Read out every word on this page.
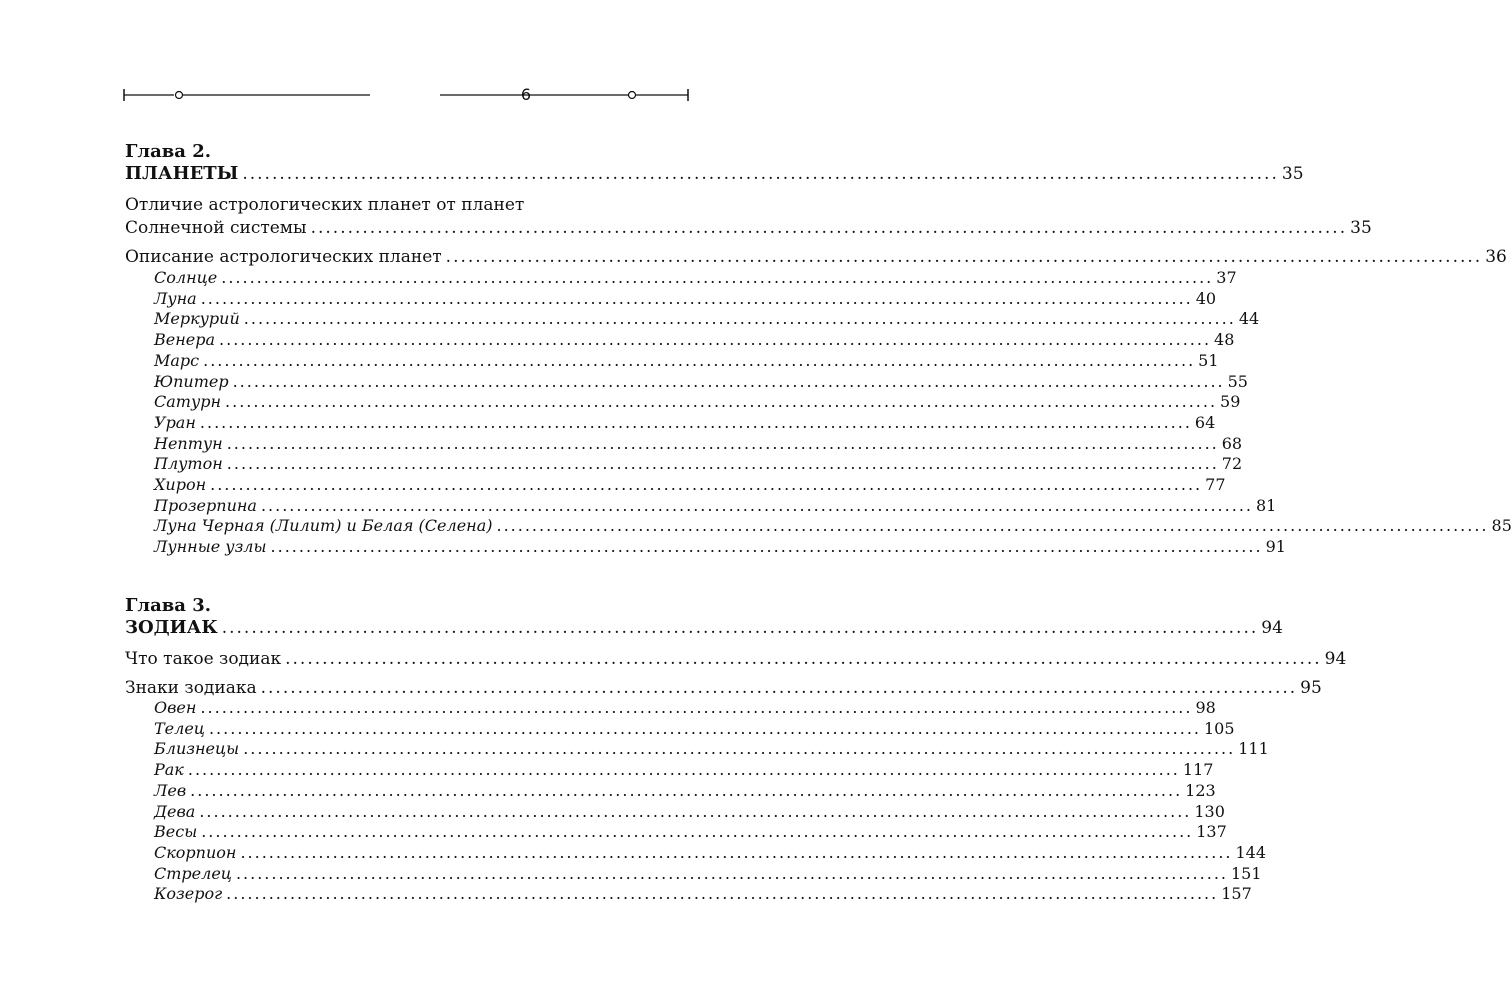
6
Глава 2.
ПЛАНЕТЫ ............................................................................................................................................ 35
Отличие астрологических планет от планет
Солнечной системы ............................................................................................................................................ 35
Описание астрологических планет ............................................................................................................................................ 36
Солнце ............................................................................................................................................ 37
Луна ............................................................................................................................................ 40
Меркурий ............................................................................................................................................ 44
Венера ............................................................................................................................................ 48
Марс ............................................................................................................................................ 51
Юпитер ............................................................................................................................................ 55
Сатурн ............................................................................................................................................ 59
Уран ............................................................................................................................................ 64
Нептун ............................................................................................................................................ 68
Плутон ............................................................................................................................................ 72
Хирон ............................................................................................................................................ 77
Прозерпина ............................................................................................................................................ 81
Луна Черная (Лилит) и Белая (Селена) ............................................................................................................................................ 85
Лунные узлы ............................................................................................................................................ 91
Глава 3.
ЗОДИАК ............................................................................................................................................ 94
Что такое зодиак ............................................................................................................................................ 94
Знаки зодиака ............................................................................................................................................ 95
Овен ............................................................................................................................................ 98
Телец ............................................................................................................................................ 105
Близнецы ............................................................................................................................................ 111
Рак ............................................................................................................................................ 117
Лев ............................................................................................................................................ 123
Дева ............................................................................................................................................ 130
Весы ............................................................................................................................................ 137
Скорпион ............................................................................................................................................ 144
Стрелец ............................................................................................................................................ 151
Козерог ............................................................................................................................................ 157
